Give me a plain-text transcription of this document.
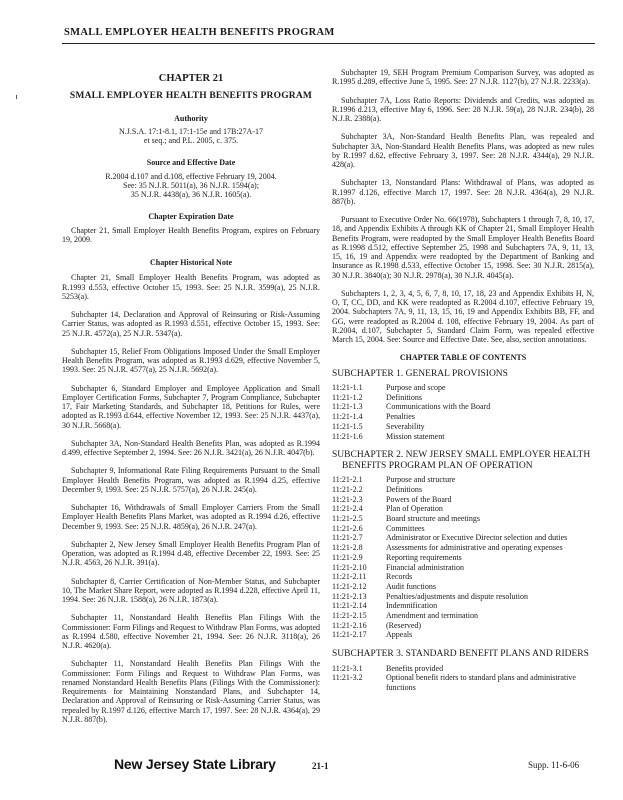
SMALL EMPLOYER HEALTH BENEFITS PROGRAM
CHAPTER 21
SMALL EMPLOYER HEALTH BENEFITS PROGRAM
Authority
N.J.S.A. 17:1-8.1, 17:1-15e and 17B:27A-17
et seq.; and P.L. 2005, c. 375.
Source and Effective Date
R.2004 d.107 and d.108, effective February 19, 2004.
See: 35 N.J.R. 5011(a), 36 N.J.R. 1594(a);
35 N.J.R. 4438(a), 36 N.J.R. 1605(a).
Chapter Expiration Date
Chapter 21, Small Employer Health Benefits Program, expires on February 19, 2009.
Chapter Historical Note
Chapter 21, Small Employer Health Benefits Program, was adopted as R.1993 d.553, effective October 15, 1993. See: 25 N.J.R. 3599(a), 25 N.J.R. 5253(a).
Subchapter 14, Declaration and Approval of Reinsuring or Risk-Assuming Carrier Status, was adopted as R.1993 d.551, effective October 15, 1993. See: 25 N.J.R. 4572(a), 25 N.J.R. 5347(a).
Subchapter 15, Relief From Obligations Imposed Under the Small Employer Health Benefits Program, was adopted as R.1993 d.629, effective November 5, 1993. See: 25 N.J.R. 4577(a), 25 N.J.R. 5692(a).
Subchapter 6, Standard Employer and Employee Application and Small Employer Certification Forms, Subchapter 7, Program Compliance, Subchapter 17, Fair Marketing Standards, and Subchapter 18, Petitions for Rules, were adopted as R.1993 d.644, effective November 12, 1993. See: 25 N.J.R. 4437(a), 30 N.J.R. 5668(a).
Subchapter 3A, Non-Standard Health Benefits Plan, was adopted as R.1994 d.499, effective September 2, 1994. See: 26 N.J.R. 3421(a), 26 N.J.R. 4047(b).
Subchapter 9, Informational Rate Filing Requirements Pursuant to the Small Employer Health Benefits Program, was adopted as R.1994 d.25, effective December 9, 1993. See: 25 N.J.R. 5757(a), 26 N.J.R. 245(a).
Subchapter 16, Withdrawals of Small Employer Carriers From the Small Employer Health Benefits Plans Market, was adopted as R.1994 d.26, effective December 9, 1993. See: 25 N.J.R. 4859(a), 26 N.J.R. 247(a).
Subchapter 2, New Jersey Small Employer Health Benefits Program Plan of Operation, was adopted as R.1994 d.48, effective December 22, 1993. See: 25 N.J.R. 4563, 26 N.J.R. 391(a).
Subchapter 8, Carrier Certification of Non-Member Status, and Subchapter 10, The Market Share Report, were adopted as R.1994 d.228, effective April 11, 1994. See: 26 N.J.R. 1588(a), 26 N.J.R. 1873(a).
Subchapter 11, Nonstandard Health Benefits Plan Filings With the Commissioner: Form Filings and Request to Withdraw Plan Forms, was adopted as R.1994 d.580, effective November 21, 1994. See: 26 N.J.R. 3118(a), 26 N.J.R. 4620(a).
Subchapter 11, Nonstandard Health Benefits Plan Filings With the Commissioner: Form Filings and Request to Withdraw Plan Forms, was renamed Nonstandard Health Benefits Plans (Filings With the Commissioner): Requirements for Maintaining Nonstandard Plans, and Subchapter 14, Declaration and Approval of Reinsuring or Risk-Assuming Carrier Status, was repealed by R.1997 d.126, effective March 17, 1997. See: 28 N.J.R. 4364(a), 29 N.J.R. 887(b).
Subchapter 19, SEH Program Premium Comparison Survey, was adopted as R.1995 d.289, effective June 5, 1995. See: 27 N.J.R. 1127(b), 27 N.J.R. 2233(a).
Subchapter 7A, Loss Ratio Reports: Dividends and Credits, was adopted as R.1996 d.213, effective May 6, 1996. See: 28 N.J.R. 59(a), 28 N.J.R. 234(b), 28 N.J.R. 2388(a).
Subchapter 3A, Non-Standard Health Benefits Plan, was repealed and Subchapter 3A, Non-Standard Health Benefits Plans, was adopted as new rules by R.1997 d.62, effective February 3, 1997. See: 28 N.J.R. 4344(a), 29 N.J.R. 428(a).
Subchapter 13, Nonstandard Plans: Withdrawal of Plans, was adopted as R.1997 d.126, effective March 17, 1997. See: 28 N.J.R. 4364(a), 29 N.J.R. 887(b).
Pursuant to Executive Order No. 66(1978), Subchapters 1 through 7, 8, 10, 17, 18, and Appendix Exhibits A through KK of Chapter 21, Small Employer Health Benefits Program, were readopted by the Small Employer Health Benefits Board as R.1998 d.512, effective September 25, 1998 and Subchapters 7A, 9, 11, 13, 15, 16, 19 and Appendix were readopted by the Department of Banking and Insurance as R.1998 d.533, effective October 15, 1998. See: 30 N.J.R. 2815(a), 30 N.J.R. 3840(a); 30 N.J.R. 2978(a), 30 N.J.R. 4045(a).
Subchapters 1, 2, 3, 4, 5, 6, 7, 8, 10, 17, 18, 23 and Appendix Exhibits H, N, O, T, CC, DD, and KK were readopted as R.2004 d.107, effective February 19, 2004. Subchapters 7A, 9, 11, 13, 15, 16, 19 and Appendix Exhibits BB, FF, and GG, were readopted as R.2004 d. 108, effective February 19, 2004. As part of R.2004, d.107, Subchapter 5, Standard Claim Form, was repealed effective March 15, 2004. See: Source and Effective Date. See, also, section annotations.
CHAPTER TABLE OF CONTENTS
SUBCHAPTER 1. GENERAL PROVISIONS
11:21-1.1	Purpose and scope
11:21-1.2	Definitions
11:21-1.3	Communications with the Board
11:21-1.4	Penalties
11:21-1.5	Severability
11:21-1.6	Mission statement
SUBCHAPTER 2. NEW JERSEY SMALL EMPLOYER HEALTH BENEFITS PROGRAM PLAN OF OPERATION
11:21-2.1	Purpose and structure
11:21-2.2	Definitions
11:21-2.3	Powers of the Board
11:21-2.4	Plan of Operation
11:21-2.5	Board structure and meetings
11:21-2.6	Committees
11:21-2.7	Administrator or Executive Director selection and duties
11:21-2.8	Assessments for administrative and operating expenses
11:21-2.9	Reporting requirements
11:21-2.10	Financial administration
11:21-2.11	Records
11:21-2.12	Audit functions
11:21-2.13	Penalties/adjustments and dispute resolution
11:21-2.14	Indemnification
11:21-2.15	Amendment and termination
11:21-2.16	(Reserved)
11:21-2.17	Appeals
SUBCHAPTER 3. STANDARD BENEFIT PLANS AND RIDERS
11:21-3.1	Benefits provided
11:21-3.2	Optional benefit riders to standard plans and administrative functions
New Jersey State Library	21-1	Supp. 11-6-06
